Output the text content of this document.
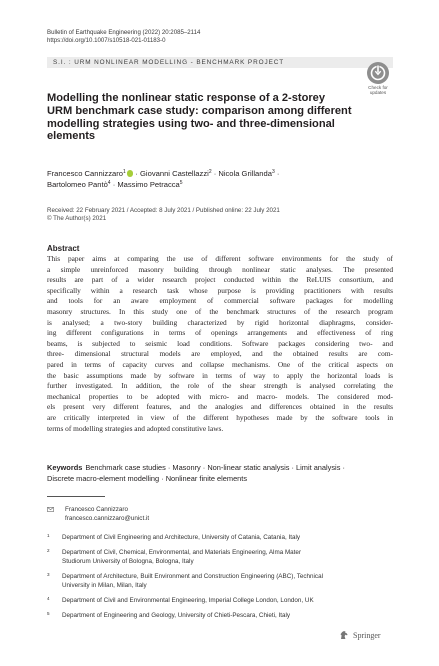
Bulletin of Earthquake Engineering (2022) 20:2085–2114
https://doi.org/10.1007/s10518-021-01183-0
S.I. : URM NONLINEAR MODELLING - BENCHMARK PROJECT
Check for
updates
Modelling the nonlinear static response of a 2-storey
URM benchmark case study: comparison among different
modelling strategies using two- and three-dimensional
elements
Francesco Cannizzaro$^1$ · Giovanni Castellazzi$^2$ · Nicola Grillanda$^3$ ·
Bartolomeo Pantò$^4$ · Massimo Petracca$^5$
Received: 22 February 2021 / Accepted: 8 July 2021 / Published online: 22 July 2021
© The Author(s) 2021
Abstract
This paper aims at comparing the use of different software environments for the study of
a simple unreinforced masonry building through nonlinear static analyses. The presented
results are part of a wider research project conducted within the ReLUIS consortium, and
specifically within a research task whose purpose is providing practitioners with results
and tools for an aware employment of commercial software packages for modelling
masonry structures. In this study one of the benchmark structures of the research program
is analysed; a two-story building characterized by rigid horizontal diaphragms, consider-
ing different configurations in terms of openings arrangements and effectiveness of ring
beams, is subjected to seismic load conditions. Software packages considering two- and
three- dimensional structural models are employed, and the obtained results are com-
pared in terms of capacity curves and collapse mechanisms. One of the critical aspects on
the basic assumptions made by software in terms of way to apply the horizontal loads is
further investigated. In addition, the role of the shear strength is analysed correlating the
mechanical properties to be adopted with micro- and macro- models. The considered mod-
els present very different features, and the analogies and differences obtained in the results
are critically interpreted in view of the different hypotheses made by the software tools in
terms of modelling strategies and adopted constitutive laws.
Keywords Benchmark case studies · Masonry · Non-linear static analysis · Limit analysis ·
Discrete macro-element modelling · Nonlinear finite elements
Francesco Cannizzaro
francesco.cannizzaro@unict.it
1 Department of Civil Engineering and Architecture, University of Catania, Catania, Italy
2 Department of Civil, Chemical, Environmental, and Materials Engineering, Alma Mater
Studiorum University of Bologna, Bologna, Italy
3 Department of Architecture, Built Environment and Construction Engineering (ABC), Technical
University in Milan, Milan, Italy
4 Department of Civil and Environmental Engineering, Imperial College London, London, UK
5 Department of Engineering and Geology, University of Chieti-Pescara, Chieti, Italy
Springer
